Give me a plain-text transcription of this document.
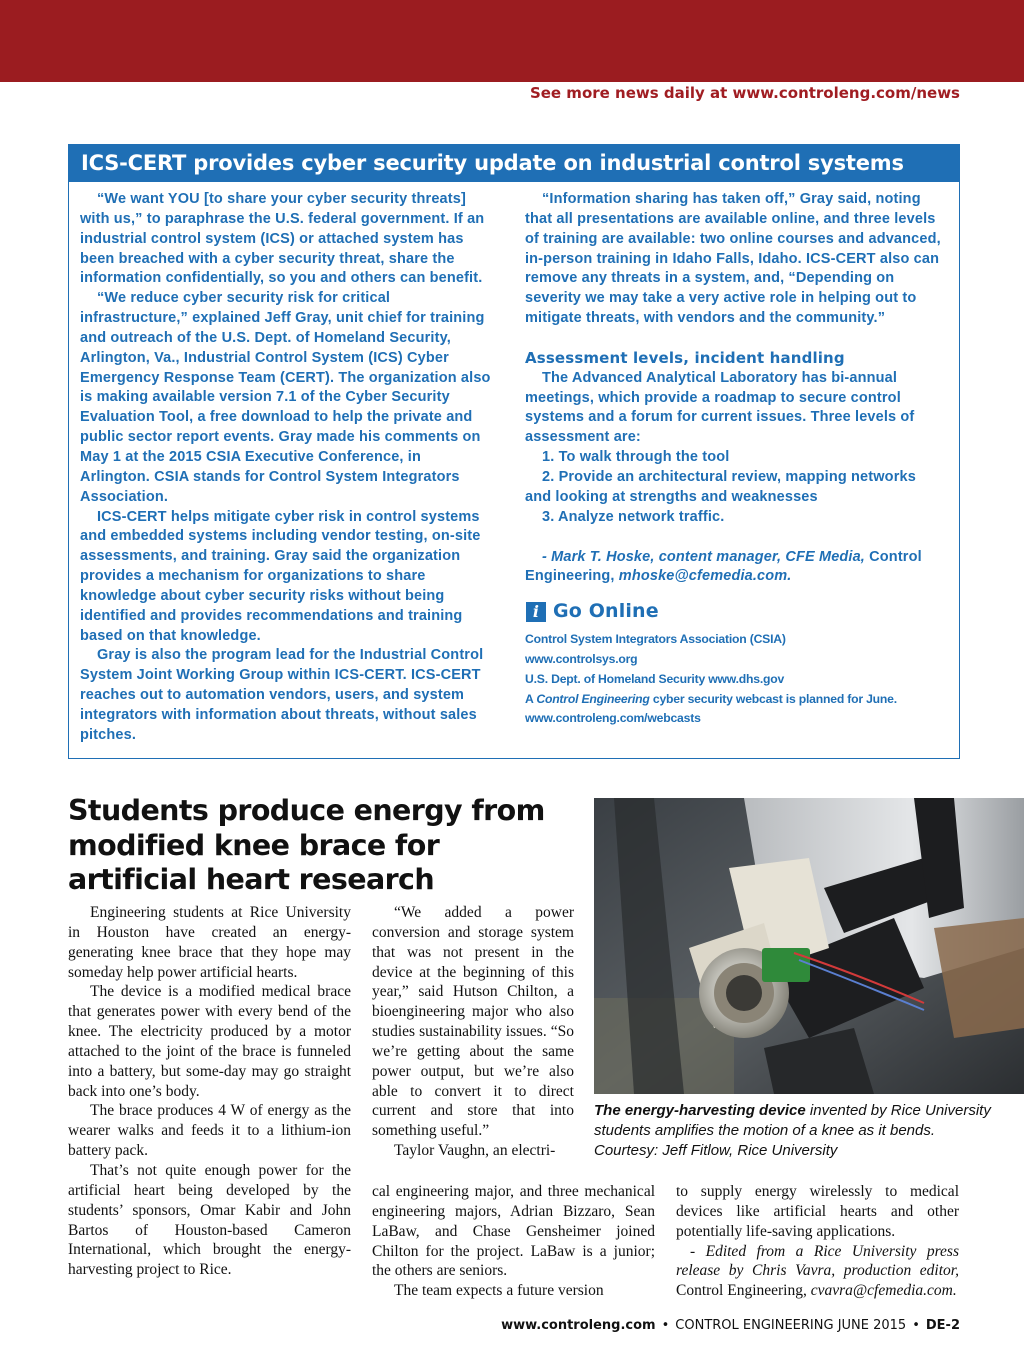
See more news daily at www.controleng.com/news
ICS-CERT provides cyber security update on industrial control systems

“We want YOU [to share your cyber security threats] with us,” to paraphrase the U.S. federal government. If an industrial control system (ICS) or attached system has been breached with a cyber security threat, share the information confidentially, so you and others can benefit.

“We reduce cyber security risk for critical infrastructure,” explained Jeff Gray, unit chief for training and outreach of the U.S. Dept. of Homeland Security, Arlington, Va., Industrial Control System (ICS) Cyber Emergency Response Team (CERT). The organization also is making available version 7.1 of the Cyber Security Evaluation Tool, a free download to help the private and public sector report events. Gray made his comments on May 1 at the 2015 CSIA Executive Conference, in Arlington. CSIA stands for Control System Integrators Association.

ICS-CERT helps mitigate cyber risk in control systems and embedded systems including vendor testing, on-site assessments, and training. Gray said the organization provides a mechanism for organizations to share knowledge about cyber security risks without being identified and provides recommendations and training based on that knowledge.

Gray is also the program lead for the Industrial Control System Joint Working Group within ICS-CERT. ICS-CERT reaches out to automation vendors, users, and system integrators with information about threats, without sales pitches.

“Information sharing has taken off,” Gray said, noting that all presentations are available online, and three levels of training are available: two online courses and advanced, in-person training in Idaho Falls, Idaho. ICS-CERT also can remove any threats in a system, and, “Depending on severity we may take a very active role in helping out to mitigate threats, with vendors and the community.”

Assessment levels, incident handling

The Advanced Analytical Laboratory has bi-annual meetings, which provide a roadmap to secure control systems and a forum for current issues. Three levels of assessment are:

1. To walk through the tool

2. Provide an architectural review, mapping networks

and looking at strengths and weaknesses

3. Analyze network traffic.

- Mark T. Hoske, content manager, CFE Media, Control Engineering, mhoske@cfemedia.com.

i Go Online
Control System Integrators Association (CSIA)
www.controlsys.org
U.S. Dept. of Homeland Security www.dhs.gov
A Control Engineering cyber security webcast is planned for June.
www.controleng.com/webcasts
Students produce energy from modified knee brace for artificial heart research

Engineering students at Rice University in Houston have created an energy-generating knee brace that they hope may someday help power artificial hearts.

The device is a modified medical brace that generates power with every bend of the knee. The electricity produced by a motor attached to the joint of the brace is funneled into a battery, but some-day may go straight back into one’s body.

The brace produces 4 W of energy as the wearer walks and feeds it to a lithium-ion battery pack.

That’s not quite enough power for the artificial heart being developed by the students’ sponsors, Omar Kabir and John Bartos of Houston-based Cameron International, which brought the energy-harvesting project to Rice.

“We added a power conversion and storage system that was not present in the device at the beginning of this year,” said Hutson Chilton, a bioengineering major who also studies sustainability issues. “So we’re getting about the same power output, but we’re also able to convert it to direct current and store that into something useful.”

Taylor Vaughn, an electri-

cal engineering major, and three mechanical engineering majors, Adrian Bizzaro, Sean LaBaw, and Chase Gensheimer joined Chilton for the project. LaBaw is a junior; the others are seniors.

The team expects a future version

to supply energy wirelessly to medical devices like artificial hearts and other potentially life-saving applications.

- Edited from a Rice University press release by Chris Vavra, production editor, Control Engineering, cvavra@cfemedia.com.

The energy-harvesting device invented by Rice University students amplifies the motion of a knee as it bends.
Courtesy: Jeff Fitlow, Rice University
www.controleng.com • CONTROL ENGINEERING JUNE 2015 • DE-2
